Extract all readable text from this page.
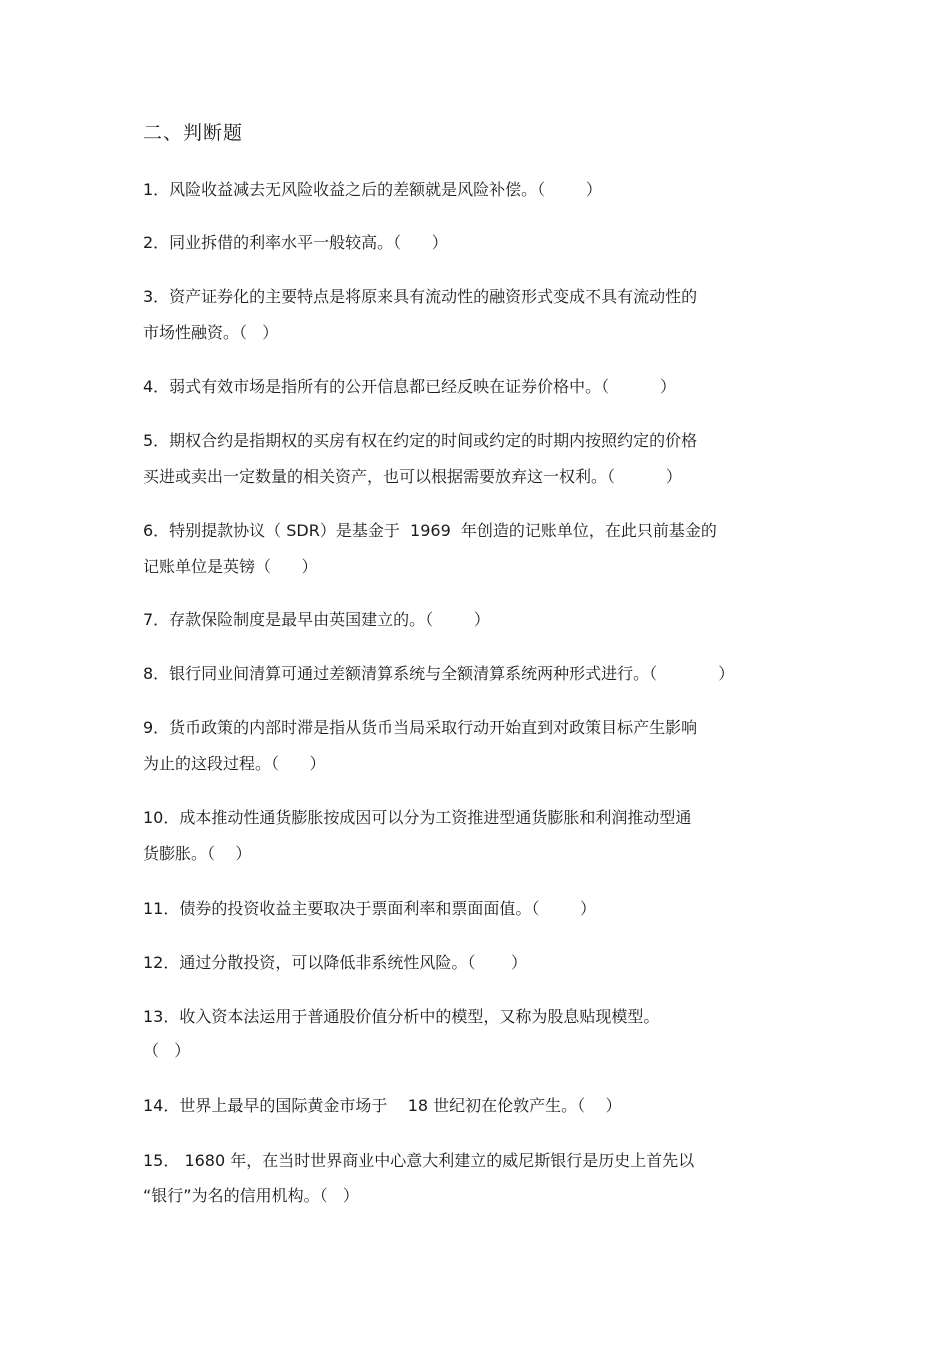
二、判断题
1．风险收益减去无风险收益之后的差额就是风险补偿。（        ）
2．同业拆借的利率水平一般较高。（      ）
3．资产证券化的主要特点是将原来具有流动性的融资形式变成不具有流动性的
市场性融资。（   ）
4．弱式有效市场是指所有的公开信息都已经反映在证券价格中。（          ）
5．期权合约是指期权的买房有权在约定的时间或约定的时期内按照约定的价格
买进或卖出一定数量的相关资产，也可以根据需要放弃这一权利。（          ）
6．特别提款协议（ SDR）是基金于  1969  年创造的记账单位，在此只前基金的
记账单位是英镑（      ）
7．存款保险制度是最早由英国建立的。（        ）
8．银行同业间清算可通过差额清算系统与全额清算系统两种形式进行。（            ）
9．货币政策的内部时滞是指从货币当局采取行动开始直到对政策目标产生影响
为止的这段过程。（      ）
10．成本推动性通货膨胀按成因可以分为工资推进型通货膨胀和利润推动型通
货膨胀。（    ）
11．债券的投资收益主要取决于票面利率和票面面值。（        ）
12．通过分散投资，可以降低非系统性风险。（       ）
13．收入资本法运用于普通股价值分析中的模型，又称为股息贴现模型。
（   ）
14．世界上最早的国际黄金市场于    18 世纪初在伦敦产生。（    ）
15． 1680 年，在当时世界商业中心意大利建立的威尼斯银行是历史上首先以
“银行”为名的信用机构。（   ）
